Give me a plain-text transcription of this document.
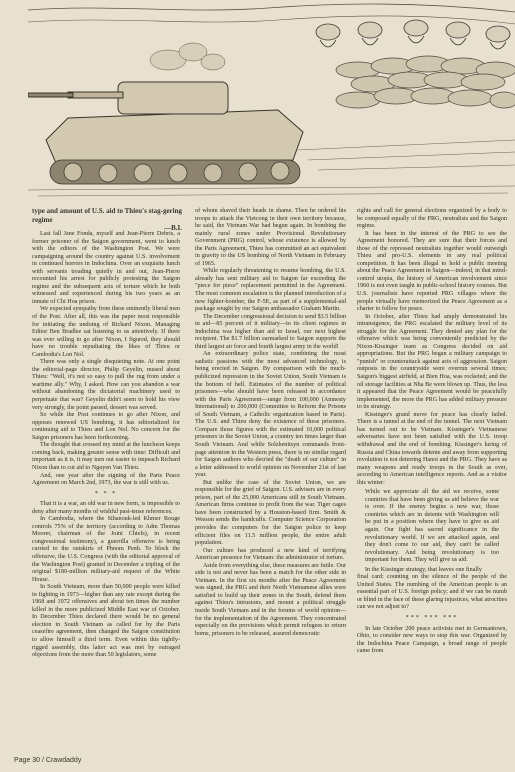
type and amount of U.S. aid to Thieu's stag-gering regime
—B.I.

Last fall Jane Fonda, myself and Jean-Pierre Debris, a former prisoner of the Saigon government, went to lunch with the editors of the Washington Post. We were campaigning around the country against U.S. involvement in continued horrors in Indochina. Over an exquisite lunch with servants treading quietly in and out, Jean-Pierre recounted his arrest for publicly protesting the Saigon regime and the subsequent acts of torture which he both witnessed and experienced during his two years as an inmate of Chi Hoa prison.

We expected sympathy from these eminently liberal men of the Post. After all, this was the paper most responsible for initiating the undoing of Richard Nixon. Managing Editor Ben Bradlee sat listening to us attentively. If there was ever willing to go after Nixon, I figured, they should have no trouble repudiating the likes of Thieu or Cambodia's Lon Nol.

There was only a single disquieting note. At one point the editorial-page director, Philip Geyelin, mused about Thieu: "Well, it's not so easy to pull the rug from under a wartime ally." Why, I asked. How can you abandon a war without abandoning the dictatorial machinery used to perpetuate that war? Geyelin didn't seem to hold his view very strongly, the point passed, dessert was served.

So while the Post continues to go after Nixon, and opposes renewed US bombing, it has editorialized for continuing aid to Thieu and Lon Nol. No concern for the Saigon prisoners has been forthcoming.

The thought that crossed my mind at the luncheon keeps coming back, making greater sense with time: Difficult and important as it is, it may turn out easier to impeach Richard Nixon than to cut aid to Nguyen Van Thieu.

And, one year after the signing of the Paris Peace Agreement on March 2nd, 1973, the war is still with us.

* * *

That it is a war, an old war in new form, is impossible to deny after many months of wishful past-tense references.

In Cambodia, where the Sihanouk-led Khmer Rouge controls 75% of the territory (according to Adm Thomas Moorer, chairman of the Joint Chiefs), in recent congressional testimony), a guerrilla offensive is being carried to the outskirts of Phnom Penh. To block the offensive, the U.S. Congress (with the editorial approval of the Washington Post) granted in December a tripling of the original $180-million military-aid request of the White House.

In South Vietnam, more than 50,000 people were killed in fighting in 1973—higher than any rate except during the 1968 and 1972 offensives and about ten times the number killed in the more publicized Middle East war of October. In December Thieu declared there would be no general election in South Vietnam as called for by the Paris ceasefire agreement, then changed the Saigon constitution to allow himself a third term. Even within this tightly-rigged assembly, this latter act was met by outraged objections from the more than 50 legislators, some

of whom shaved their heads in shame. Then he ordered his troops to attack the Vietcong in their own territory because, he said, the Vietnam War had begun again. In bombing the mainly rural zones under Provisional Revolutionary Government (PRG) control, whose existence is allowed by the Paris Agreement, Thieu has committed an act equivalent in gravity to the US bombing of North Vietnam in February of 1965.

While regularly threatening to resume bombing, the U.S. already has sent military aid to Saigon far exceeding the "piece for piece" replacement permitted in the Agreement. The most common escalation is the planned introduction of a new fighter-bomber, the F-5E, as part of a supplemental-aid package sought by our Saigon ambassador Graham Martin.

The December congressional decision to send $3.5 billion in aid—85 percent of it military—to its client regimes in Indochina was higher than aid to Israel, our next highest recipient. The $1.7 billion earmarked to Saigon supports the third largest air force and fourth largest army in the world!

An extraordinary police state, combining the most sadistic passions with the most advanced technology, is being erected in Saigon. By comparison with the much-publicized repression in the Soviet Union, South Vietnam is the bottom of hell. Estimates of the number of political prisoners—who should have been released in accordance with the Paris Agreement—range from 100,000 (Amnesty International) to 200,000 (Committee to Reform the Prisons of South Vietnam, a Catholic organization based in Paris). The U.S. and Thieu deny the existence of these prisoners. Compare those figures with the estimated 10,000 political prisoners in the Soviet Union, a country ten times larger than South Vietnam. And while Solzhenitsyn commands front-page attention in the Western press, there is no similar regard for Saigon authors who decried the "death of our culture" in a letter addressed to world opinion on November 21st of last year.

But unlike the case of the Soviet Union, we are responsible for the grief of Saigon. U.S. advisers are in every prison, part of the 25,000 Americans still in South Vietnam. American firms continue to profit from the war. Tiger cages have been constructed by a Houston-based firm. Smith & Wesson sends the handcuffs. Computer Science Corporation provides the computers for the Saigon police to keep efficient files on 11.5 million people, the entire adult population.

Our culture has produced a new kind of terrifying American presence for Vietnam: the administrator of torture.

Aside from everything else, these measures are futile. Our side is not and never has been a match for the other side in Vietnam. In the first six months after the Peace Agreement was signed, the PRG and their North Vietnamese allies were satisfied to build up their zones in the South, defend them against Thieu's intrusions, and mount a political struggle inside South Vietnam and in the forums of world opinion—for the implementation of the Agreement. They concentrated especially on the provisions which permit refugees to return home, prisoners to be released, assured democratic

rights and call for general elections organized by a body to be composed equally of the PRG, neutralists and the Saigon regime.

It has been in the interest of the PRG to see the Agreement honored. They are sure that their forces and those of the repressed neutralists together would outweigh Thieu and pro-U.S. elements in any real political competition. It has been illegal to hold a public meeting about the Peace Agreement in Saigon—indeed, in that mind-control utopia, the history of American involvement since 1960 is not even taught in public-school history courses. But U.S. journalists have reported PRG villages where the people virtually have memorized the Peace Agreement as a charter to follow for peace.

In October, after Thieu had amply demonstrated his intransigence, the PRG escalated the military level of its struggle for the Agreement. They denied any plan for the offensive which was being conveniently predicted by the Nixon-Kissinger team as Congress decided on aid appropriations. But the PRG began a military campaign to "punish" or counterattack against acts of aggression. Saigon outposts in the countryside were overrun several times; Saigon's biggest airfield, at Bien Hoa, was rocketed; and the oil storage facilities at Nha Be were blown up. Thus, the less it appeared that the Peace Agreement would be peacefully implemented, the more the PRG has added military pressure to its strategy.

Kissinger's grand move for peace has clearly failed. There is a tunnel at the end of the tunnel. The next Vietnam has turned out to be Vietnam. Kissinger's Vietnamese adversaries have not been satisfied with the U.S. troop withdrawal and the end of bombing. Kissinger's luring of Russia and China towards detente and away from supporting revolution is not deterring Hanoi and the PRG. They have as many weapons and ready troops in the South as ever, according to American intelligence reports. And as a visitor this winter:

While we appreciate all the aid we receive, some countries that have been giving us aid believe the war is over. If the enemy begins a new war, those countries which are in detente with Washington will be put in a position where they have to give us aid again. Our fight has sacred significance in the revolutionary world. If we are attacked again, and they don't come to our aid, they can't be called revolutionary. And being revolutionary is too important for them. They will give us aid.

In the Kissinger strategy, that leaves one finally

final card: counting on the silence of the people of the United States. The numbing of the American people is an essential part of U.S. foreign policy; and if we can be numb or blind in the face of these glaring injustices, what atrocities can we not adjust to?

*** *** ***

In late October 200 peace activists met in Germantown, Ohio, to consider new ways to stop this war. Organized by the Indochina Peace Campaign, a broad range of people came from

Page 30 / Crawdaddy
